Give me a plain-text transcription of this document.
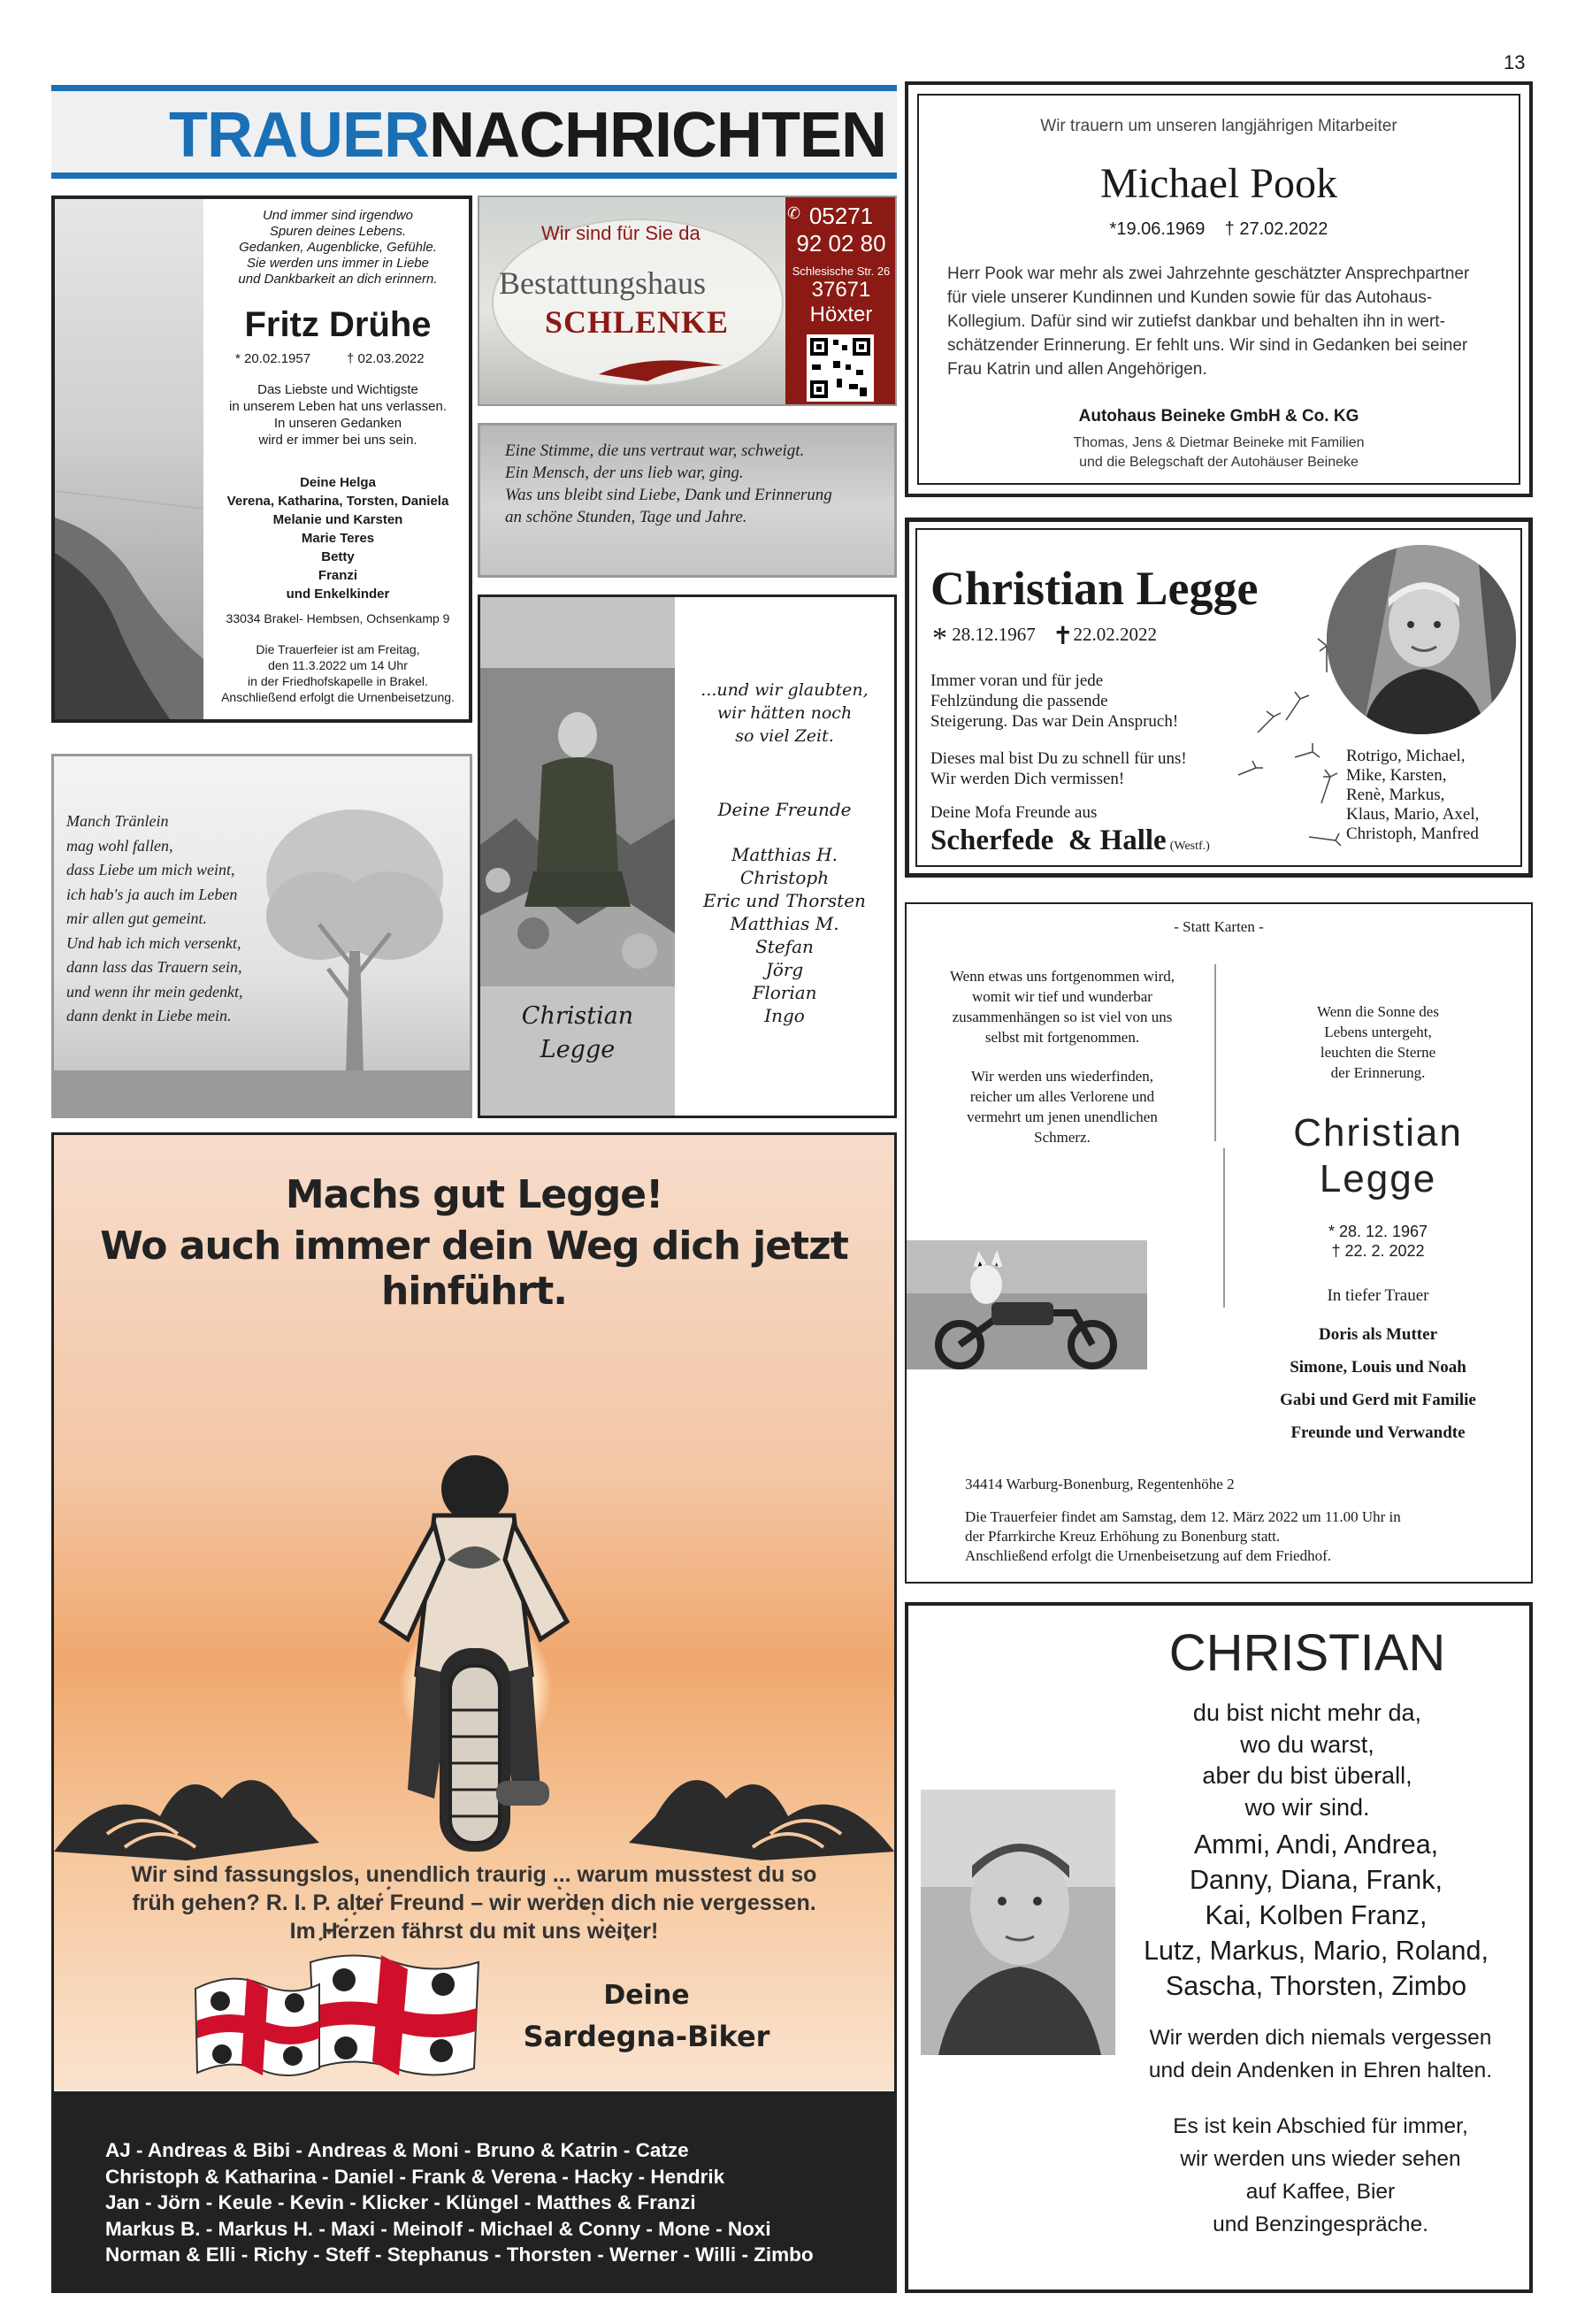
13
TRAUERNACHRICHTEN
Und immer sind irgendwo
Spuren deines Lebens.
Gedanken, Augenblicke, Gefühle.
Sie werden uns immer in Liebe
und Dankbarkeit an dich erinnern.
Fritz Drühe
* 20.02.1957	† 02.03.2022
Das Liebste und Wichtigste
in unserem Leben hat uns verlassen.
In unseren Gedanken
wird er immer bei uns sein.
Deine Helga
Verena, Katharina, Torsten, Daniela
Melanie und Karsten
Marie Teres
Betty
Franzi
und Enkelkinder
33034 Brakel- Hembsen, Ochsenkamp 9
Die Trauerfeier ist am Freitag,
den 11.3.2022 um 14 Uhr
in der Friedhofskapelle in Brakel.
Anschließend erfolgt die Urnenbeisetzung.
Wir sind für Sie da
Bestattungshaus
SCHLENKE
✆ 05271
92 02 80
Schlesische Str. 26
37671
Höxter
Eine Stimme, die uns vertraut war, schweigt.
Ein Mensch, der uns lieb war, ging.
Was uns bleibt sind Liebe, Dank und Erinnerung
an schöne Stunden, Tage und Jahre.
Wir trauern um unseren langjährigen Mitarbeiter
Michael Pook
*19.06.1969    † 27.02.2022
Herr Pook war mehr als zwei Jahrzehnte geschätzter Ansprechpartner
für viele unserer Kundinnen und Kunden sowie für das Autohaus-
Kollegium. Dafür sind wir zutiefst dankbar und behalten ihn in wert-
schätzender Erinnerung. Er fehlt uns. Wir sind in Gedanken bei seiner
Frau Katrin und allen Angehörigen.
Autohaus Beineke GmbH & Co. KG
Thomas, Jens & Dietmar Beineke mit Familien
und die Belegschaft der Autohäuser Beineke
Christian Legge
* 28.12.1967 ✝22.02.2022
Immer voran und für jede
Fehlzündung die passende
Steigerung. Das war Dein Anspruch!
Dieses mal bist Du zu schnell für uns!
Wir werden Dich vermissen!
Deine Mofa Freunde aus
Scherfede  & Halle (Westf.)
Rotrigo, Michael,
Mike, Karsten,
Renè, Markus,
Klaus, Mario, Axel,
Christoph, Manfred
Manch Tränlein
mag wohl fallen,
dass Liebe um mich weint,
ich hab's ja auch im Leben
mir allen gut gemeint.
Und hab ich mich versenkt,
dann lass das Trauern sein,
und wenn ihr mein gedenkt,
dann denkt in Liebe mein.	Christian
Legge
...und wir glaubten,
wir hätten noch
so viel Zeit.
Deine Freunde
Matthias H.
Christoph
Eric und Thorsten
Matthias M.
Stefan
Jörg
Florian
Ingo
- Statt Karten -
Wenn etwas uns fortgenommen wird,
womit wir tief und wunderbar
zusammenhängen so ist viel von uns
selbst mit fortgenommen.
Wir werden uns wiederfinden,
reicher um alles Verlorene und
vermehrt um jenen unendlichen
Schmerz.
Wenn die Sonne des
Lebens untergeht,
leuchten die Sterne
der Erinnerung.
Christian
Legge
* 28. 12. 1967
† 22. 2. 2022
In tiefer Trauer
Doris als Mutter
Simone, Louis und Noah
Gabi und Gerd mit Familie
Freunde und Verwandte
34414 Warburg-Bonenburg, Regentenhöhe 2
Die Trauerfeier findet am Samstag, dem 12. März 2022 um 11.00 Uhr in
der Pfarrkirche Kreuz Erhöhung zu Bonenburg statt.
Anschließend erfolgt die Urnenbeisetzung auf dem Friedhof.
Machs gut Legge!
Wo auch immer dein Weg dich jetzt hinführt.
Wir sind fassungslos, unendlich traurig ... warum musstest du so
früh gehen? R. I. P. alter Freund – wir werden dich nie vergessen.
Im Herzen fährst du mit uns weiter!
Deine
Sardegna-Biker
AJ - Andreas & Bibi - Andreas & Moni - Bruno & Katrin - Catze
Christoph & Katharina - Daniel - Frank & Verena - Hacky - Hendrik
Jan - Jörn - Keule - Kevin - Klicker - Klüngel - Matthes & Franzi
Markus B. - Markus H. - Maxi - Meinolf - Michael & Conny - Mone - Noxi
Norman & Elli - Richy - Steff - Stephanus - Thorsten - Werner - Willi - Zimbo
CHRISTIAN
du bist nicht mehr da,
wo du warst,
aber du bist überall,
wo wir sind.
Ammi, Andi, Andrea,
Danny, Diana, Frank,
Kai, Kolben Franz,
Lutz, Markus, Mario, Roland,
Sascha, Thorsten, Zimbo
Wir werden dich niemals vergessen
und dein Andenken in Ehren halten.
Es ist kein Abschied für immer,
wir werden uns wieder sehen
auf Kaffee, Bier
und Benzingespräche.
